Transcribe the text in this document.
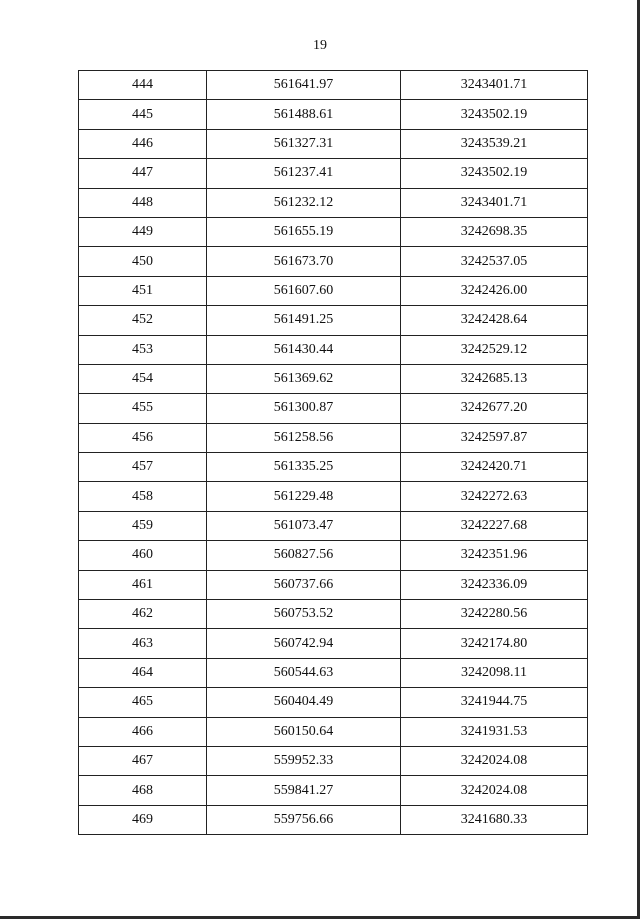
19
444	561641.97	3243401.71
445	561488.61	3243502.19
446	561327.31	3243539.21
447	561237.41	3243502.19
448	561232.12	3243401.71
449	561655.19	3242698.35
450	561673.70	3242537.05
451	561607.60	3242426.00
452	561491.25	3242428.64
453	561430.44	3242529.12
454	561369.62	3242685.13
455	561300.87	3242677.20
456	561258.56	3242597.87
457	561335.25	3242420.71
458	561229.48	3242272.63
459	561073.47	3242227.68
460	560827.56	3242351.96
461	560737.66	3242336.09
462	560753.52	3242280.56
463	560742.94	3242174.80
464	560544.63	3242098.11
465	560404.49	3241944.75
466	560150.64	3241931.53
467	559952.33	3242024.08
468	559841.27	3242024.08
469	559756.66	3241680.33
